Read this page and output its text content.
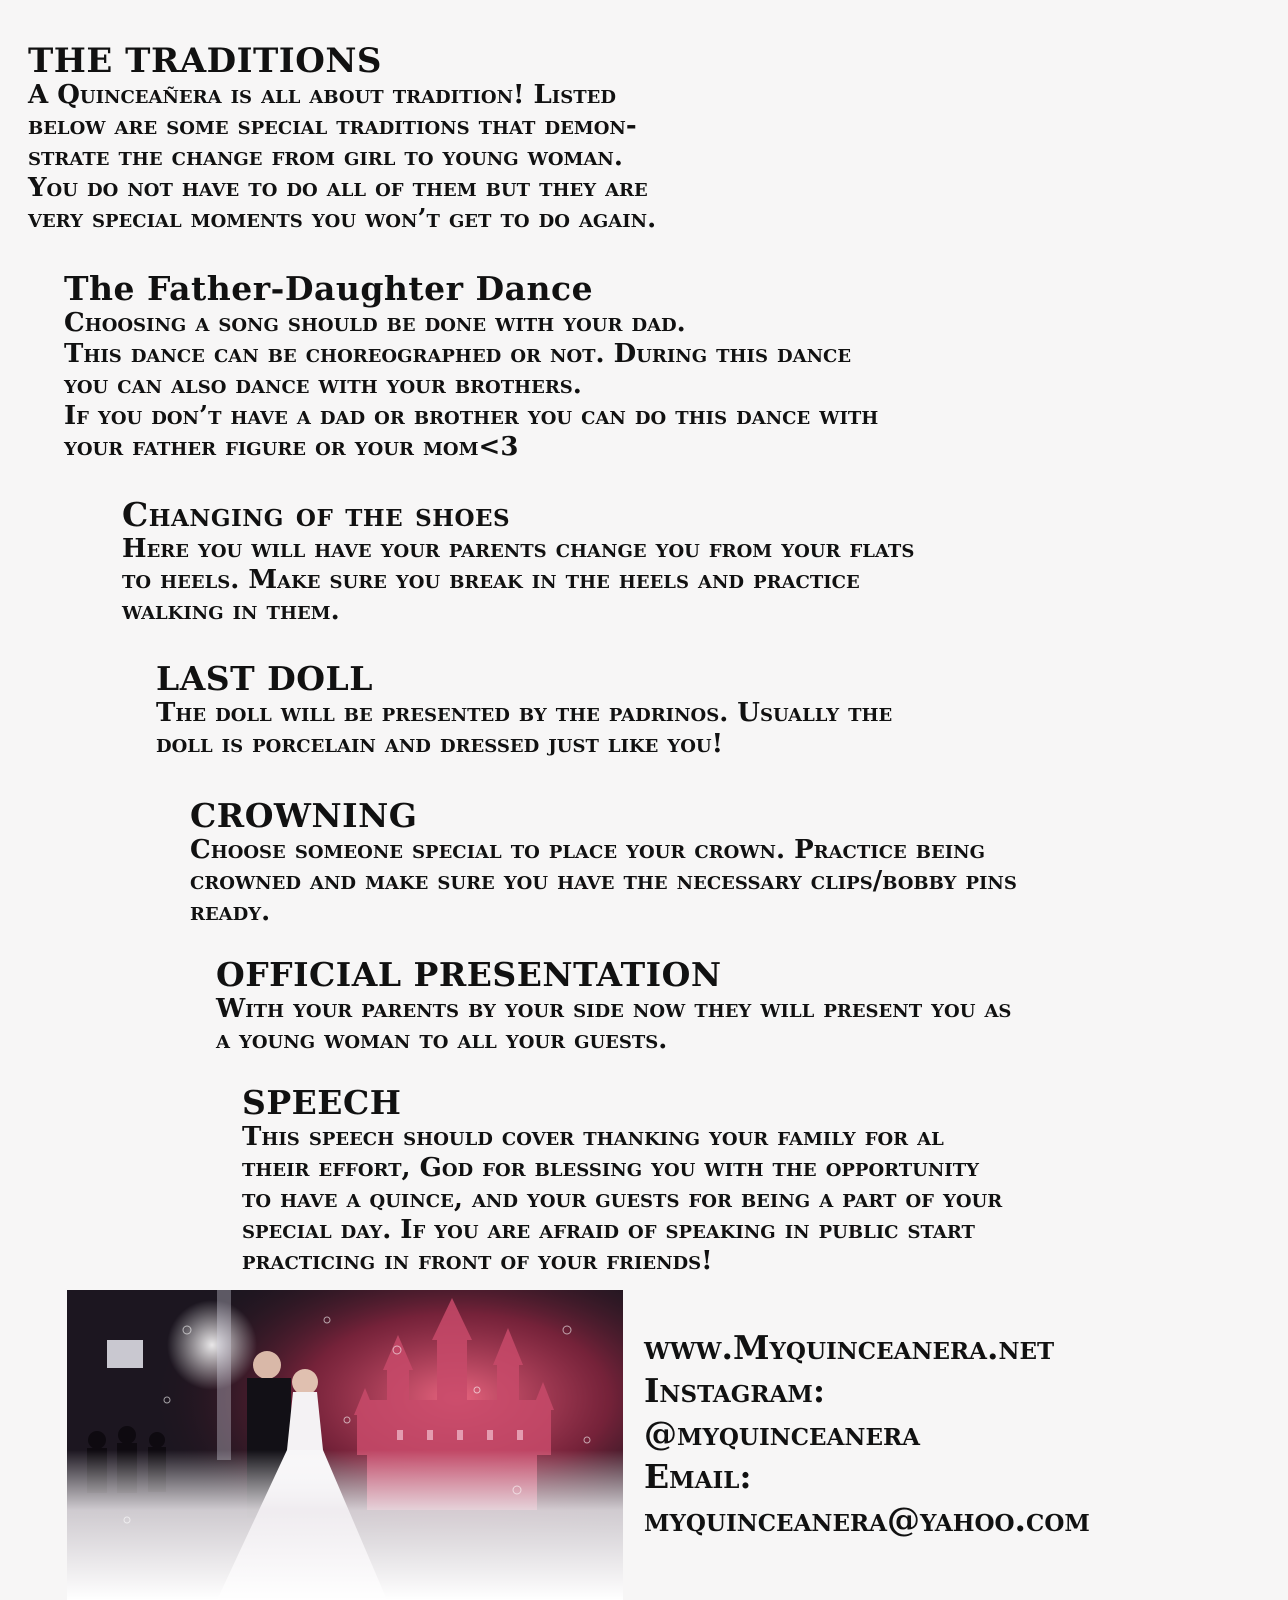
THE TRADITIONS

A Quinceañera is all about tradition! Listed
below are some special traditions that demon-
strate the change from girl to young woman.
You do not have to do all of them but they are
very special moments you won’t get to do again.

The Father-Daughter Dance

Choosing a song should be done with your dad.
This dance can be choreographed or not. During this dance
you can also dance with your brothers.
If you don’t have a dad or brother you can do this dance with
your father figure or your mom<3

Changing of the shoes

Here you will have your parents change you from your flats
to heels. Make sure you break in the heels and practice
walking in them.

LAST DOLL

The doll will be presented by the padrinos. Usually the
doll is porcelain and dressed just like you!

CROWNING

Choose someone special to place your crown. Practice being
crowned and make sure you have the necessary clips/bobby pins
ready.

OFFICIAL PRESENTATION

With your parents by your side now they will present you as
a young woman to all your guests.

SPEECH

This speech should cover thanking your family for al
their effort, God for blessing you with the opportunity
to have a quince, and your guests for being a part of your
special day. If you are afraid of speaking in public start
practicing in front of your friends!

www.Myquinceanera.net
Instagram:
@myquinceanera
Email:
myquinceanera@yahoo.com
